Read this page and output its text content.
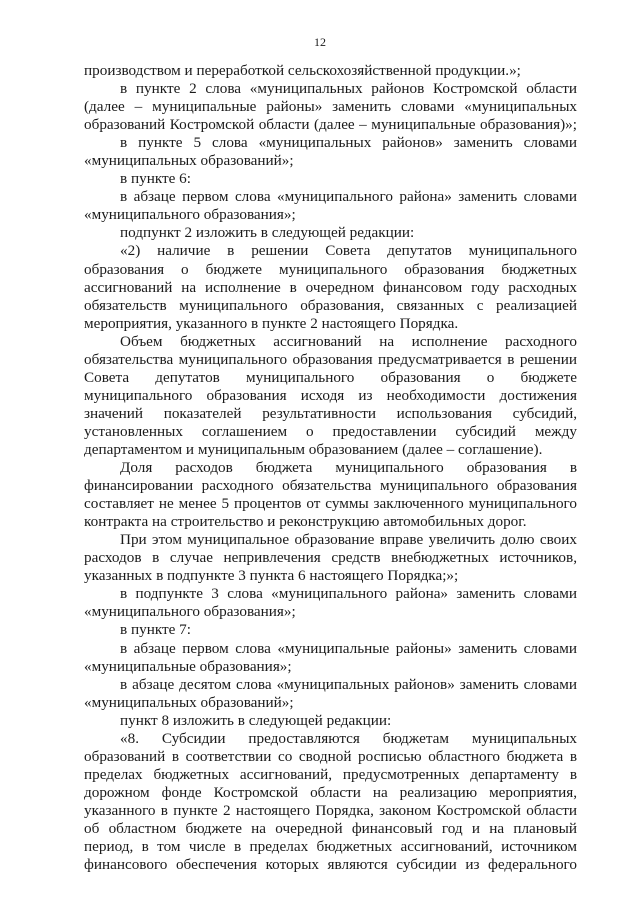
12
производством и переработкой сельскохозяйственной продукции.»;
в пункте 2 слова «муниципальных районов Костромской области
(далее – муниципальные районы» заменить словами «муниципальных
образований Костромской области (далее – муниципальные образования)»;
в пункте 5 слова «муниципальных районов» заменить словами
«муниципальных образований»;
в пункте 6:
в абзаце первом слова «муниципального района» заменить словами
«муниципального образования»;
подпункт 2 изложить в следующей редакции:
«2) наличие в решении Совета депутатов муниципального
образования о бюджете муниципального образования бюджетных
ассигнований на исполнение в очередном финансовом году расходных
обязательств муниципального образования, связанных с реализацией
мероприятия, указанного в пункте 2 настоящего Порядка.
Объем бюджетных ассигнований на исполнение расходного
обязательства муниципального образования предусматривается в решении
Совета депутатов муниципального образования о бюджете
муниципального образования исходя из необходимости достижения
значений показателей результативности использования субсидий,
установленных соглашением о предоставлении субсидий между
департаментом и муниципальным образованием (далее – соглашение).
Доля расходов бюджета муниципального образования в
финансировании расходного обязательства муниципального образования
составляет не менее 5 процентов от суммы заключенного муниципального
контракта на строительство и реконструкцию автомобильных дорог.
При этом муниципальное образование вправе увеличить долю своих
расходов в случае непривлечения средств внебюджетных источников,
указанных в подпункте 3 пункта 6 настоящего Порядка;»;
в подпункте 3 слова «муниципального района» заменить словами
«муниципального образования»;
в пункте 7:
в абзаце первом слова «муниципальные районы» заменить словами
«муниципальные образования»;
в абзаце десятом слова «муниципальных районов» заменить словами
«муниципальных образований»;
пункт 8 изложить в следующей редакции:
«8. Субсидии предоставляются бюджетам муниципальных
образований в соответствии со сводной росписью областного бюджета в
пределах бюджетных ассигнований, предусмотренных департаменту в
дорожном фонде Костромской области на реализацию мероприятия,
указанного в пункте 2 настоящего Порядка, законом Костромской области
об областном бюджете на очередной финансовый год и на плановый
период, в том числе в пределах бюджетных ассигнований, источником
финансового обеспечения которых являются субсидии из федерального
